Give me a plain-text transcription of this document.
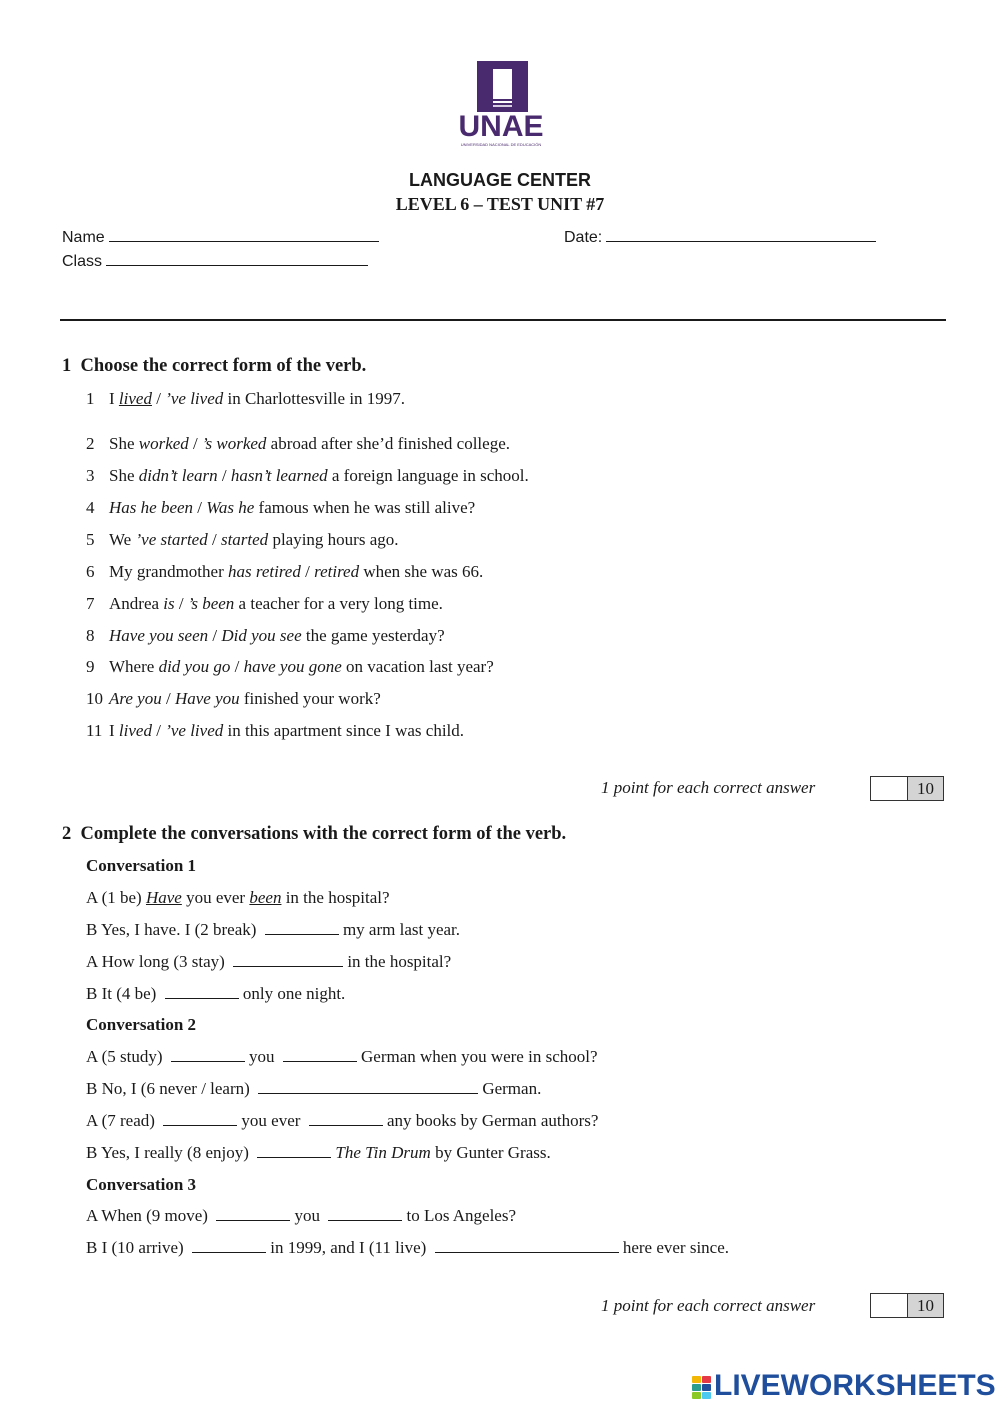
UNAE
UNIVERSIDAD NACIONAL DE EDUCACIÓN
LANGUAGE CENTER
LEVEL 6 – TEST UNIT #7
Name	Date:
Class
1 Choose the correct form of the verb.
1 I lived / ’ve lived in Charlottesville in 1997.
2 She worked / ’s worked abroad after she’d finished college.
3 She didn’t learn / hasn’t learned a foreign language in school.
4 Has he been / Was he famous when he was still alive?
5 We ’ve started / started playing hours ago.
6 My grandmother has retired / retired when she was 66.
7 Andrea is / ’s been a teacher for a very long time.
8 Have you seen / Did you see the game yesterday?
9 Where did you go / have you gone on vacation last year?
10 Are you / Have you finished your work?
11 I lived / ’ve lived in this apartment since I was child.
1 point for each correct answer	10
2 Complete the conversations with the correct form of the verb.
Conversation 1
A (1 be) Have you ever been in the hospital?
B Yes, I have. I (2 break)	my arm last year.
A How long (3 stay)	in the hospital?
B It (4 be)	only one night.
Conversation 2
A (5 study)	you	German when you were in school?
B No, I (6 never / learn)	German.
A (7 read)	you ever	any books by German authors?
B Yes, I really (8 enjoy)	The Tin Drum by Gunter Grass.
Conversation 3
A When (9 move)	you	to Los Angeles?
B I (10 arrive)	in 1999, and I (11 live)	here ever since.
1 point for each correct answer	10
LIVEWORKSHEETS
